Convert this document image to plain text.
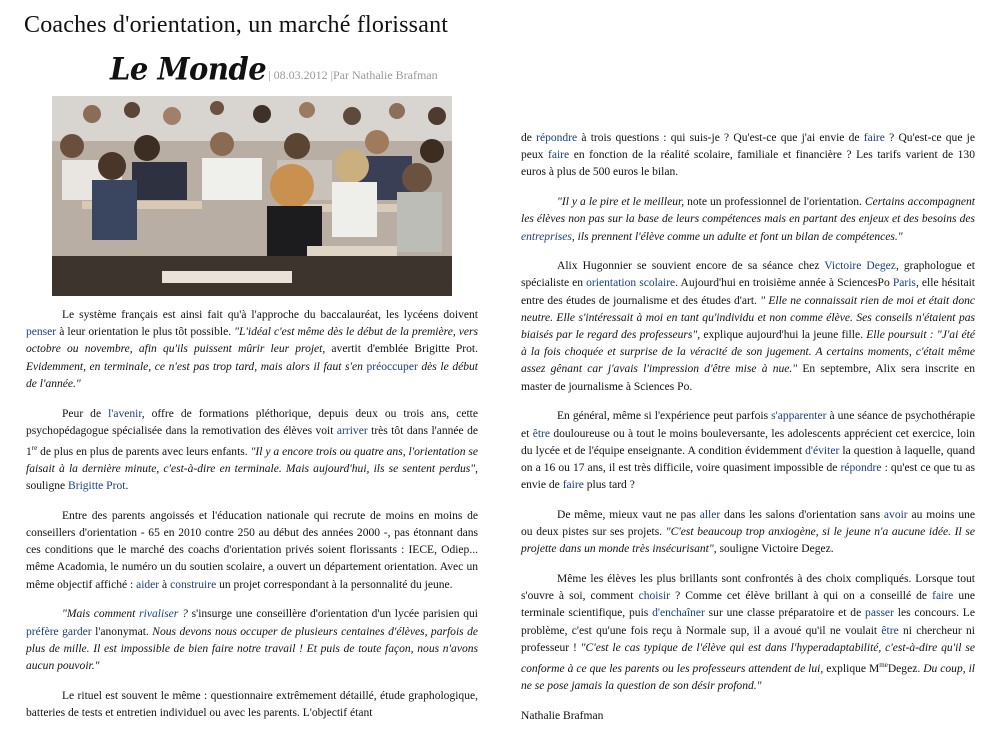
Coaches d'orientation, un marché florissant
Le Monde | 08.03.2012 |Par Nathalie Brafman

Le système français est ainsi fait qu'à l'approche du baccalauréat, les lycéens doivent penser à leur orientation le plus tôt possible. "L'idéal c'est même dès le début de la première, vers octobre ou novembre, afin qu'ils puissent mûrir leur projet, avertit d'emblée Brigitte Prot. Evidemment, en terminale, ce n'est pas trop tard, mais alors il faut s'en préoccuper dès le début de l'année."

Peur de l'avenir, offre de formations pléthorique, depuis deux ou trois ans, cette psychopédagogue spécialisée dans la remotivation des élèves voit arriver très tôt dans l'année de 1re de plus en plus de parents avec leurs enfants. "Il y a encore trois ou quatre ans, l'orientation se faisait à la dernière minute, c'est-à-dire en terminale. Mais aujourd'hui, ils se sentent perdus", souligne Brigitte Prot.

Entre des parents angoissés et l'éducation nationale qui recrute de moins en moins de conseillers d'orientation - 65 en 2010 contre 250 au début des années 2000 -, pas étonnant dans ces conditions que le marché des coachs d'orientation privés soient florissants : IECE, Odiep... même Acadomia, le numéro un du soutien scolaire, a ouvert un département orientation. Avec un même objectif affiché : aider à construire un projet correspondant à la personnalité du jeune.

"Mais comment rivaliser ? s'insurge une conseillère d'orientation d'un lycée parisien qui préfère garder l'anonymat. Nous devons nous occuper de plusieurs centaines d'élèves, parfois de plus de mille. Il est impossible de bien faire notre travail ! Et puis de toute façon, nous n'avons aucun pouvoir."

Le rituel est souvent le même : questionnaire extrêmement détaillé, étude graphologique, batteries de tests et entretien individuel ou avec les parents. L'objectif étant

de répondre à trois questions : qui suis-je ? Qu'est-ce que j'ai envie de faire ? Qu'est-ce que je peux faire en fonction de la réalité scolaire, familiale et financière ? Les tarifs varient de 130 euros à plus de 500 euros le bilan.

"Il y a le pire et le meilleur, note un professionnel de l'orientation. Certains accompagnent les élèves non pas sur la base de leurs compétences mais en partant des enjeux et des besoins des entreprises, ils prennent l'élève comme un adulte et font un bilan de compétences."

Alix Hugonnier se souvient encore de sa séance chez Victoire Degez, graphologue et spécialiste en orientation scolaire. Aujourd'hui en troisième année à SciencesPo Paris, elle hésitait entre des études de journalisme et des études d'art. " Elle ne connaissait rien de moi et était donc neutre. Elle s'intéressait à moi en tant qu'individu et non comme élève. Ses conseils n'étaient pas biaisés par le regard des professeurs", explique aujourd'hui la jeune fille. Elle poursuit : "J'ai été à la fois choquée et surprise de la véracité de son jugement. A certains moments, c'était même assez gênant car j'avais l'impression d'être mise à nue." En septembre, Alix sera inscrite en master de journalisme à Sciences Po.

En général, même si l'expérience peut parfois s'apparenter à une séance de psychothérapie et être douloureuse ou à tout le moins bouleversante, les adolescents apprécient cet exercice, loin du lycée et de l'équipe enseignante. A condition évidemment d'éviter la question à laquelle, quand on a 16 ou 17 ans, il est très difficile, voire quasiment impossible de répondre : qu'est ce que tu as envie de faire plus tard ?

De même, mieux vaut ne pas aller dans les salons d'orientation sans avoir au moins une ou deux pistes sur ses projets. "C'est beaucoup trop anxiogène, si le jeune n'a aucune idée. Il se projette dans un monde très insécurisant", souligne Victoire Degez.

Même les élèves les plus brillants sont confrontés à des choix compliqués. Lorsque tout s'ouvre à soi, comment choisir ? Comme cet élève brillant à qui on a conseillé de faire une terminale scientifique, puis d'enchaîner sur une classe préparatoire et de passer les concours. Le problème, c'est qu'une fois reçu à Normale sup, il a avoué qu'il ne voulait être ni chercheur ni professeur ! "C'est le cas typique de l'élève qui est dans l'hyperadaptabilité, c'est-à-dire qu'il se conforme à ce que les parents ou les professeurs attendent de lui, explique $M^{me}Degez$. Du coup, il ne se pose jamais la question de son désir profond."

Nathalie Brafman
